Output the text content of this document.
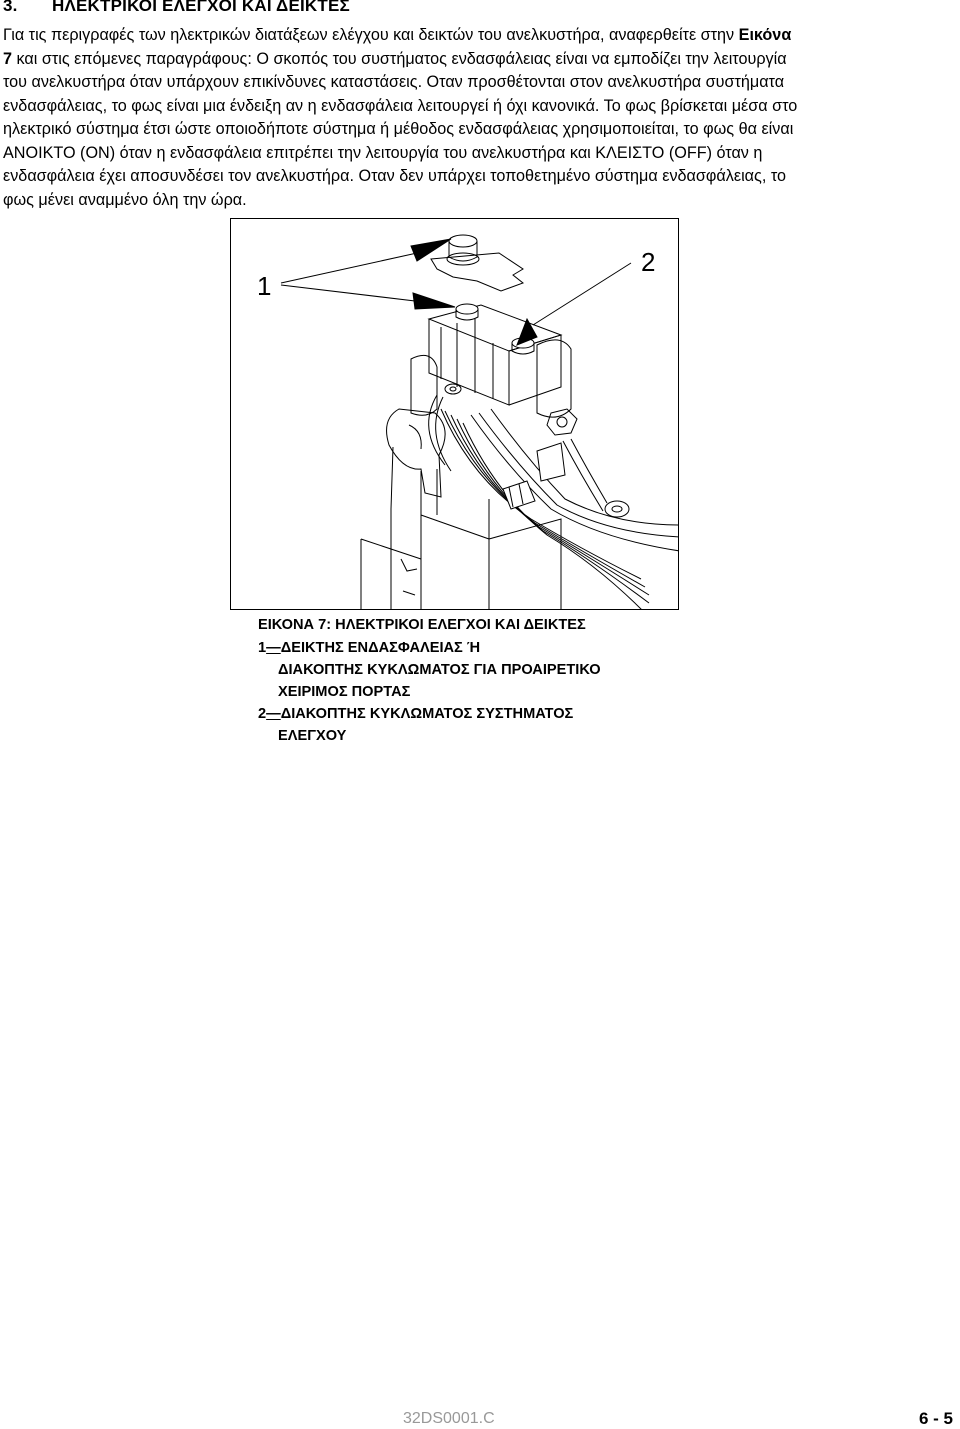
3. ΗΛΕΚΤΡΙΚΟΙ ΕΛΕΓΧΟΙ ΚΑΙ ΔΕΙΚΤΕΣ
Για τις περιγραφές των ηλεκτρικών διατάξεων ελέγχου και δεικτών του ανελκυστήρα, αναφερθείτε στην Εικόνα
7 και στις επόμενες παραγράφους: Ο σκοπός του συστήματος ενδασφάλειας είναι να εμποδίζει την λειτουργία
του ανελκυστήρα όταν υπάρχουν επικίνδυνες καταστάσεις. Οταν προσθέτονται στον ανελκυστήρα συστήματα
ενδασφάλειας, το φως είναι μια ένδειξη αν η ενδασφάλεια λειτουργεί ή όχι κανονικά. Το φως βρίσκεται μέσα στο
ηλεκτρικό σύστημα έτσι ώστε οποιοδήποτε σύστημα ή μέθοδος ενδασφάλειας χρησιμοποιείται, το φως θα είναι
ΑΝΟΙΚΤΟ (ΟΝ) όταν η ενδασφάλεια επιτρέπει την λειτουργία του ανελκυστήρα και ΚΛΕΙΣΤΟ (OFF) όταν η
ενδασφάλεια έχει αποσυνδέσει τον ανελκυστήρα. Οταν δεν υπάρχει τοποθετημένο σύστημα ενδασφάλειας, το
φως μένει αναμμένο όλη την ώρα.
1
2
ΕΙΚΟΝΑ 7: ΗΛΕΚΤΡΙΚΟΙ ΕΛΕΓΧΟΙ ΚΑΙ ΔΕΙΚΤΕΣ
1—ΔΕΙΚΤΗΣ ΕΝΔΑΣΦΑΛΕΙΑΣ Ή
ΔΙΑΚΟΠΤΗΣ ΚΥΚΛΩΜΑΤΟΣ ΓΙΑ ΠΡΟΑΙΡΕΤΙΚΟ
ΧΕΙΡΙΜΟΣ ΠΟΡΤΑΣ
2—ΔΙΑΚΟΠΤΗΣ ΚΥΚΛΩΜΑΤΟΣ ΣΥΣΤΗΜΑΤΟΣ
ΕΛΕΓΧΟΥ
32DS0001.C	6 - 5
